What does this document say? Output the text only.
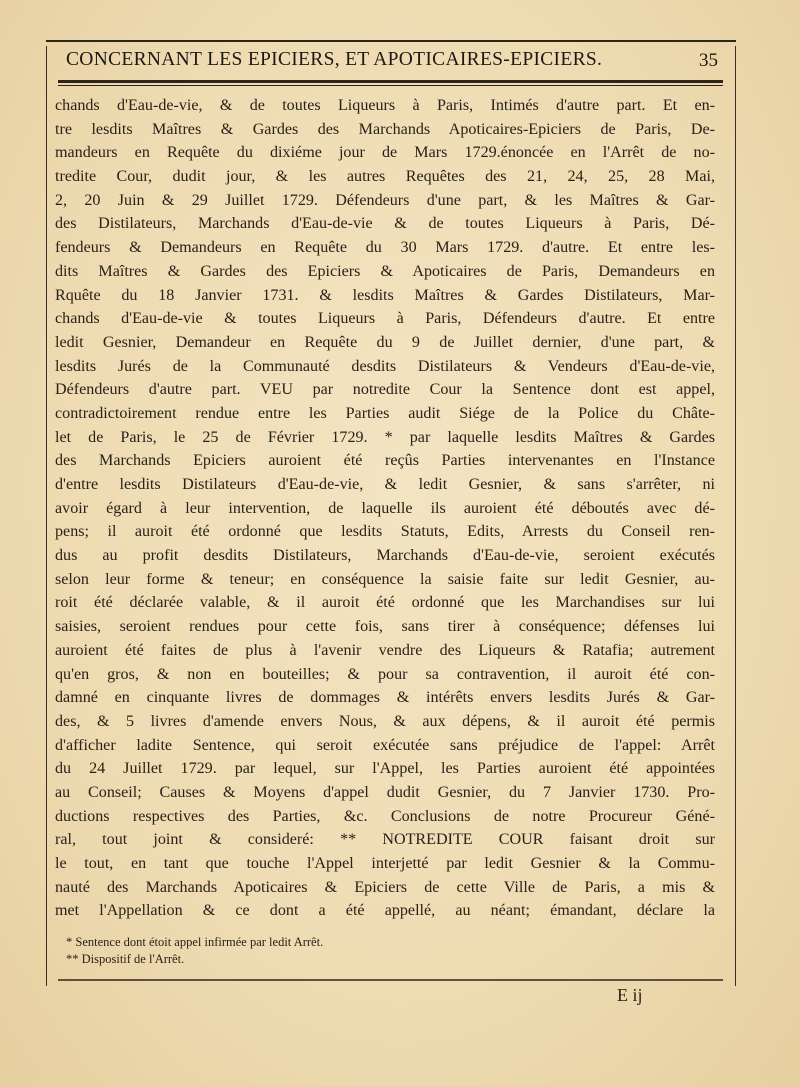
CONCERNANT LES EPICIERS, ET APOTICAIRES-EPICIERS.	35
chands d'Eau-de-vie, & de toutes Liqueurs à Paris, Intimés d'autre part. Et en-
tre lesdits Maîtres & Gardes des Marchands Apoticaires-Epiciers de Paris, De-
mandeurs en Requête du dixiéme jour de Mars 1729.énoncée en l'Arrêt de no-
tredite Cour, dudit jour, & les autres Requêtes des 21, 24, 25, 28 Mai,
2, 20 Juin & 29 Juillet 1729. Défendeurs d'une part, & les Maîtres & Gar-
des Distilateurs, Marchands d'Eau-de-vie & de toutes Liqueurs à Paris, Dé-
fendeurs & Demandeurs en Requête du 30 Mars 1729. d'autre. Et entre les-
dits Maîtres & Gardes des Epiciers & Apoticaires de Paris, Demandeurs en
Rquête du 18 Janvier 1731. & lesdits Maîtres & Gardes Distilateurs, Mar-
chands d'Eau-de-vie & toutes Liqueurs à Paris, Défendeurs d'autre. Et entre
ledit Gesnier, Demandeur en Requête du 9 de Juillet dernier, d'une part, &
lesdits Jurés de la Communauté desdits Distilateurs & Vendeurs d'Eau-de-vie,
Défendeurs d'autre part. VEU par notredite Cour la Sentence dont est appel,
contradictoirement rendue entre les Parties audit Siége de la Police du Châte-
let de Paris, le 25 de Février 1729. * par laquelle lesdits Maîtres & Gardes
des Marchands Epiciers auroient été reçûs Parties intervenantes en l'Instance
d'entre lesdits Distilateurs d'Eau-de-vie, & ledit Gesnier, & sans s'arrêter, ni
avoir égard à leur intervention, de laquelle ils auroient été déboutés avec dé-
pens; il auroit été ordonné que lesdits Statuts, Edits, Arrests du Conseil ren-
dus au profit desdits Distilateurs, Marchands d'Eau-de-vie, seroient exécutés
selon leur forme & teneur; en conséquence la saisie faite sur ledit Gesnier, au-
roit été déclarée valable, & il auroit été ordonné que les Marchandises sur lui
saisies, seroient rendues pour cette fois, sans tirer à conséquence; défenses lui
auroient été faites de plus à l'avenir vendre des Liqueurs & Ratafia; autrement
qu'en gros, & non en bouteilles; & pour sa contravention, il auroit été con-
damné en cinquante livres de dommages & intérêts envers lesdits Jurés & Gar-
des, & 5 livres d'amende envers Nous, & aux dépens, & il auroit été permis
d'afficher ladite Sentence, qui seroit exécutée sans préjudice de l'appel: Arrêt
du 24 Juillet 1729. par lequel, sur l'Appel, les Parties auroient été appointées
au Conseil; Causes & Moyens d'appel dudit Gesnier, du 7 Janvier 1730. Pro-
ductions respectives des Parties, &c. Conclusions de notre Procureur Géné-
ral, tout joint & consideré: ** NOTREDITE COUR faisant droit sur
le tout, en tant que touche l'Appel interjetté par ledit Gesnier & la Commu-
nauté des Marchands Apoticaires & Epiciers de cette Ville de Paris, a mis &
met l'Appellation & ce dont a été appellé, au néant; émandant, déclare la
* Sentence dont étoit appel infirmée par ledit Arrêt.
** Dispositif de l'Arrêt.
E ij
